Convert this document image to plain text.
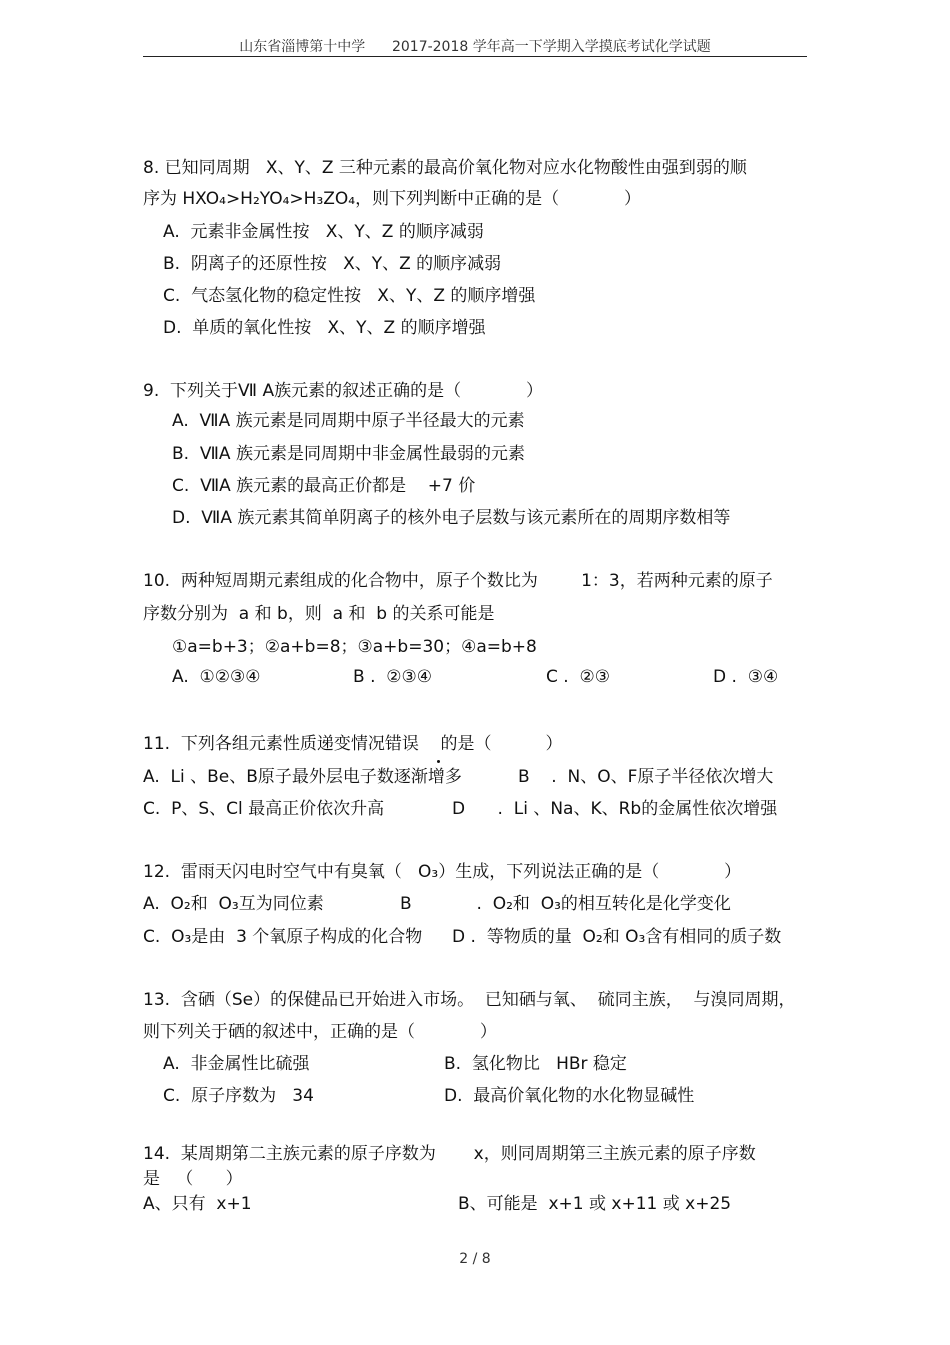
山东省淄博第十中学      2017-2018 学年高一下学期入学摸底考试化学试题
8. 已知同周期   X、Y、Z 三种元素的最高价氧化物对应水化物酸性由强到弱的顺
序为 HXO₄>H₂YO₄>H₃ZO₄，则下列判断中正确的是（            ）
A.  元素非金属性按   X、Y、Z 的顺序减弱
B.  阴离子的还原性按   X、Y、Z 的顺序减弱
C.  气态氢化物的稳定性按   X、Y、Z 的顺序增强
D.  单质的氧化性按   X、Y、Z 的顺序增强
9.  下列关于Ⅶ A族元素的叙述正确的是（            ）
A.  ⅦA 族元素是同周期中原子半径最大的元素
B.  ⅦA 族元素是同周期中非金属性最弱的元素
C.  ⅦA 族元素的最高正价都是    +7 价
D.  ⅦA 族元素其简单阴离子的核外电子层数与该元素所在的周期序数相等
10.  两种短周期元素组成的化合物中，原子个数比为        1：3，若两种元素的原子
序数分别为  a 和 b，则  a 和  b 的关系可能是
①a=b+3；②a+b=8；③a+b=30；④a=b+8
A.  ①②③④	B .  ②③④	C .  ②③	D .  ③④
11.  下列各组元素性质递变情况错误    的是（          ）
A.  Li 、Be、B原子最外层电子数逐渐增多	B    .  N、O、F原子半径依次增大
C.  P、S、Cl 最高正价依次升高	D      .  Li 、Na、K、Rb的金属性依次增强
12.  雷雨天闪电时空气中有臭氧（   O₃）生成，下列说法正确的是（            ）
A.  O₂和  O₃互为同位素	B            .  O₂和  O₃的相互转化是化学变化
C.  O₃是由  3 个氧原子构成的化合物 D .  等物质的量  O₂和 O₃含有相同的质子数
13.  含硒（Se）的保健品已开始进入市场。  已知硒与氧、  硫同主族，  与溴同周期，
则下列关于硒的叙述中，正确的是（            ）
A.  非金属性比硫强	B.  氢化物比   HBr 稳定
C.  原子序数为   34	D.  最高价氧化物的水化物显碱性
14.  某周期第二主族元素的原子序数为       x，则同周期第三主族元素的原子序数
是   （      ）
A、只有  x+1	B、可能是  x+1 或 x+11 或 x+25
2 / 8
